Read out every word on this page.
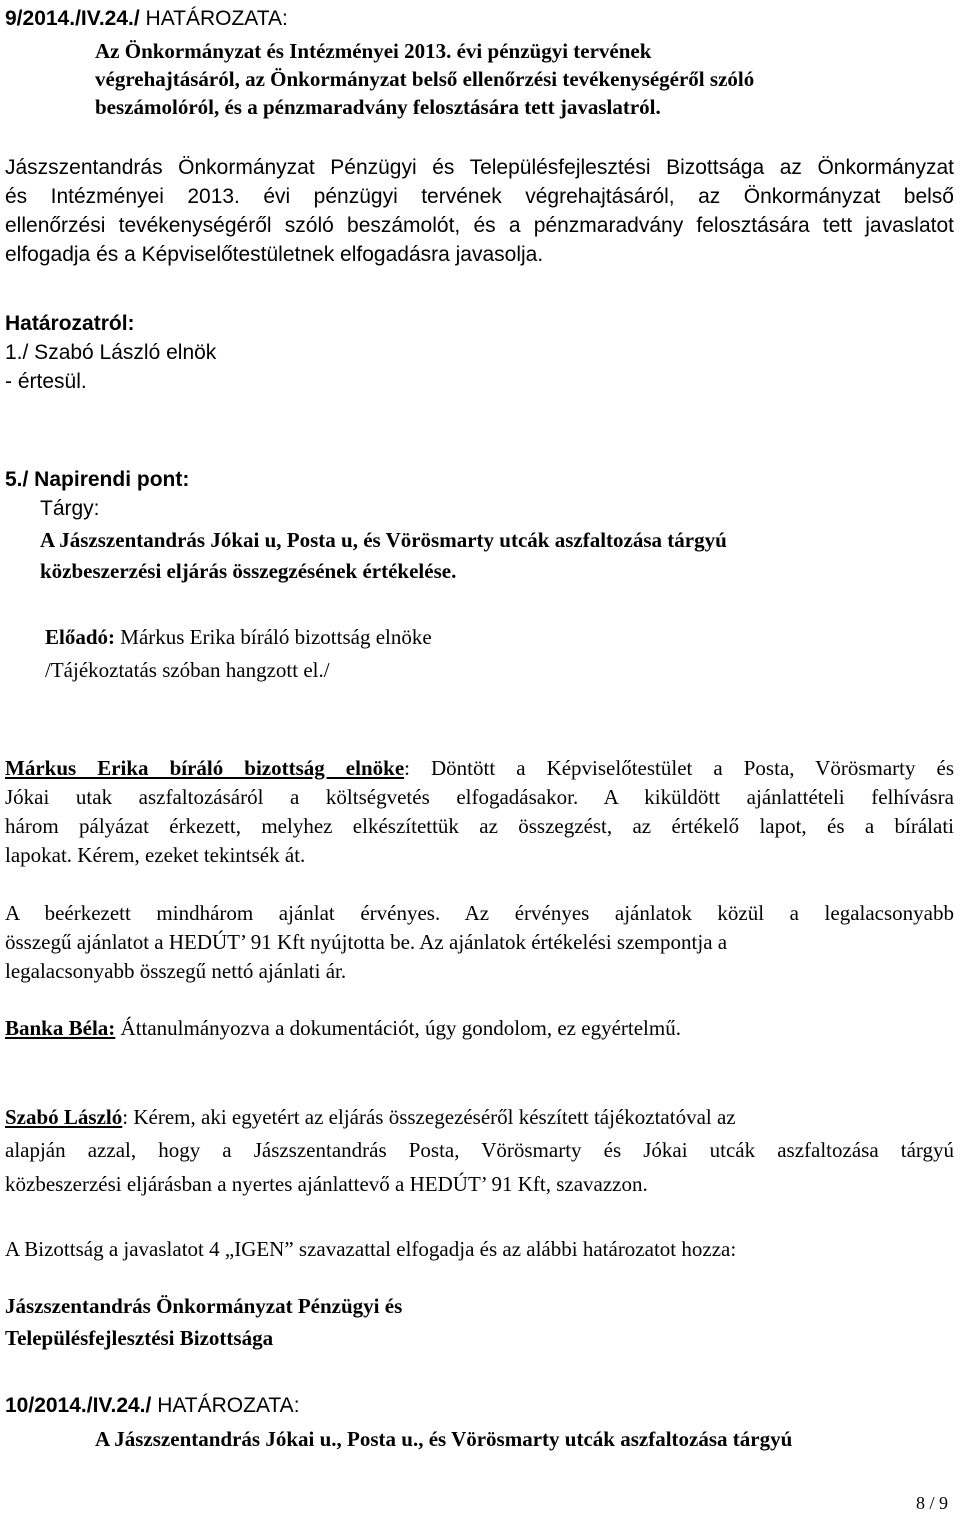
9/2014./IV.24./ HATÁROZATA:
Az Önkormányzat és Intézményei 2013. évi pénzügyi tervének
végrehajtásáról, az Önkormányzat belső ellenőrzési tevékenységéről szóló
beszámolóról, és a pénzmaradvány felosztására tett javaslatról.
Jászszentandrás Önkormányzat Pénzügyi és Településfejlesztési Bizottsága az Önkormányzat
és Intézményei 2013. évi pénzügyi tervének végrehajtásáról, az Önkormányzat belső
ellenőrzési tevékenységéről szóló beszámolót, és a pénzmaradvány felosztására tett javaslatot
elfogadja és a Képviselőtestületnek elfogadásra javasolja.
Határozatról:
1./ Szabó László elnök
- értesül.
5./ Napirendi pont:
Tárgy:
A Jászszentandrás Jókai u, Posta u, és Vörösmarty utcák aszfaltozása tárgyú
közbeszerzési eljárás összegzésének értékelése.
Előadó: Márkus Erika bíráló bizottság elnöke
/Tájékoztatás szóban hangzott el./
Márkus Erika bíráló bizottság elnöke: Döntött a Képviselőtestület a Posta, Vörösmarty és
Jókai utak aszfaltozásáról a költségvetés elfogadásakor. A kiküldött ajánlattételi felhívásra
három pályázat érkezett, melyhez elkészítettük az összegzést, az értékelő lapot, és a bírálati
lapokat. Kérem, ezeket tekintsék át.
A beérkezett mindhárom ajánlat érvényes. Az érvényes ajánlatok közül a legalacsonyabb
összegű ajánlatot a HEDÚT’ 91 Kft nyújtotta be. Az ajánlatok értékelési szempontja a
legalacsonyabb összegű nettó ajánlati ár.
Banka Béla: Áttanulmányozva a dokumentációt, úgy gondolom, ez egyértelmű.
Szabó László: Kérem, aki egyetért az eljárás összegezéséről készített tájékoztatóval az
alapján azzal, hogy a Jászszentandrás Posta, Vörösmarty és Jókai utcák aszfaltozása tárgyú
közbeszerzési eljárásban a nyertes ajánlattevő a HEDÚT’ 91 Kft, szavazzon.
A Bizottság a javaslatot 4 „IGEN” szavazattal elfogadja és az alábbi határozatot hozza:
Jászszentandrás Önkormányzat Pénzügyi és
Településfejlesztési Bizottsága
10/2014./IV.24./ HATÁROZATA:
A Jászszentandrás Jókai u., Posta u., és Vörösmarty utcák aszfaltozása tárgyú
8 / 9
